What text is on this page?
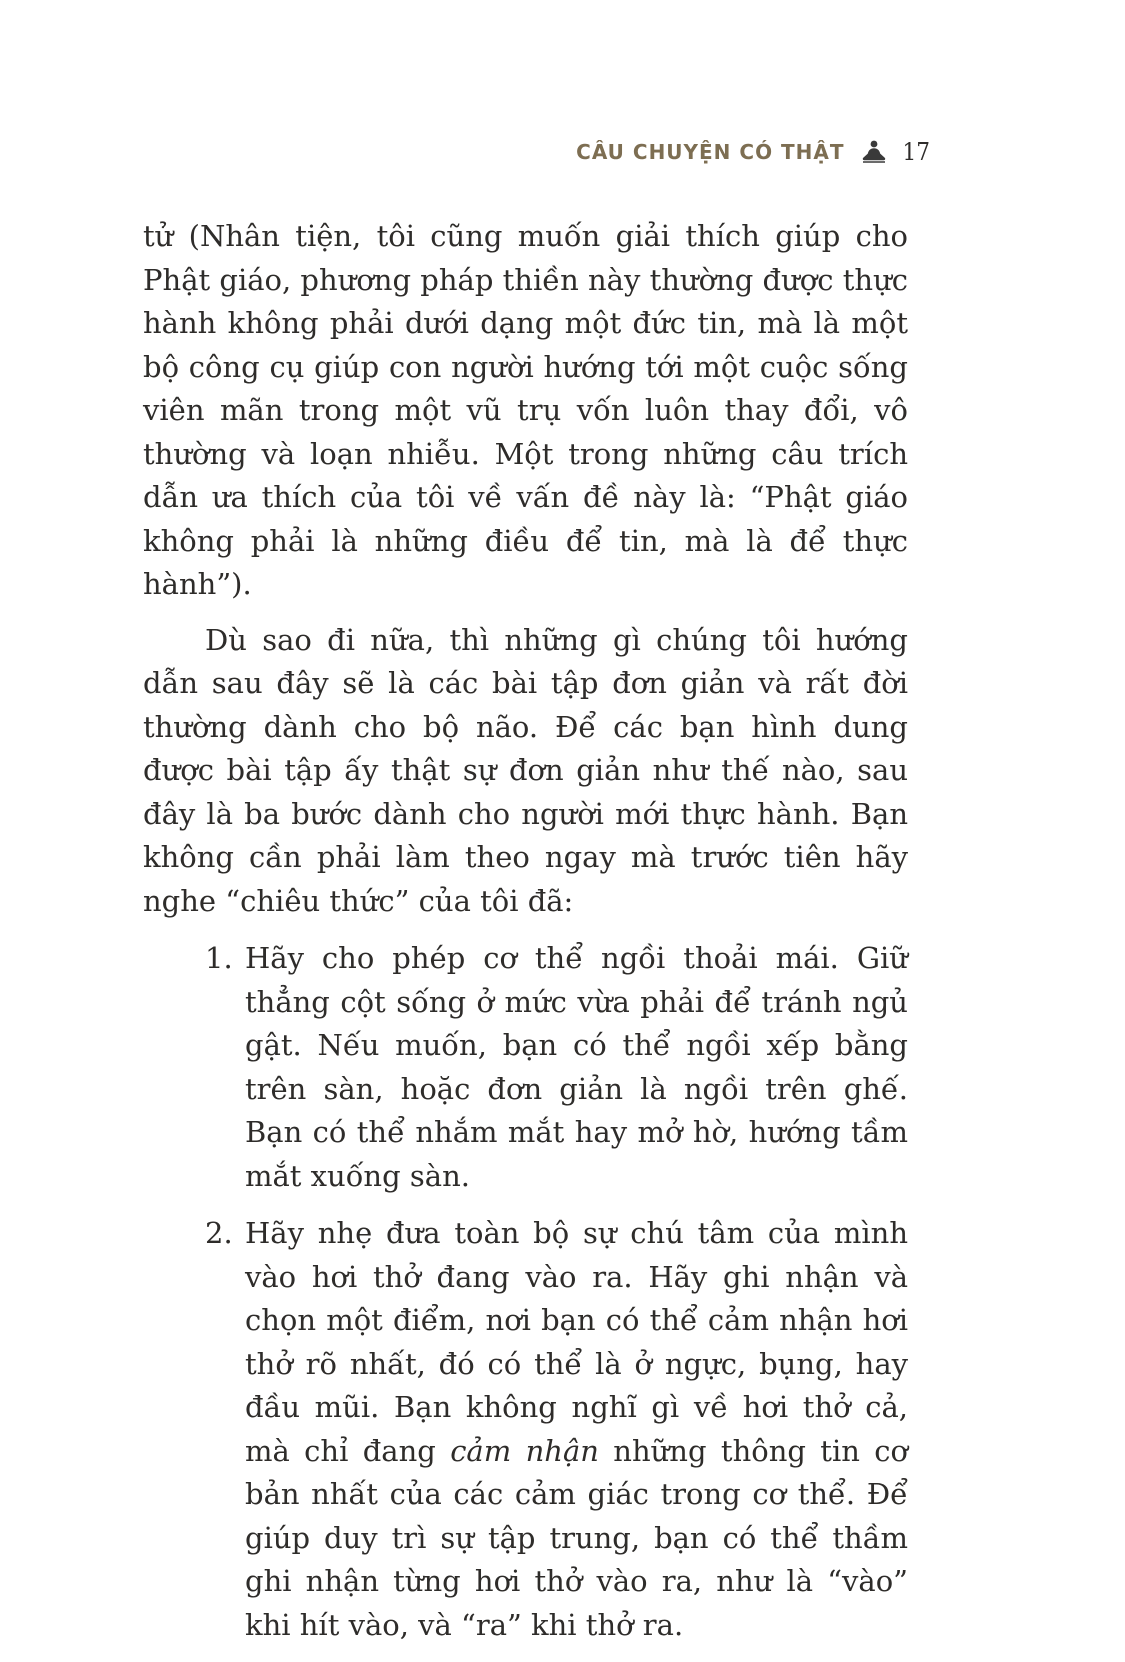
CÂU CHUYỆN CÓ THẬT 17

tử (Nhân tiện, tôi cũng muốn giải thích giúp cho Phật giáo, phương pháp thiền này thường được thực hành không phải dưới dạng một đức tin, mà là một bộ công cụ giúp con người hướng tới một cuộc sống viên mãn trong một vũ trụ vốn luôn thay đổi, vô thường và loạn nhiễu. Một trong những câu trích dẫn ưa thích của tôi về vấn đề này là: “Phật giáo không phải là những điều để tin, mà là để thực hành”).

Dù sao đi nữa, thì những gì chúng tôi hướng dẫn sau đây sẽ là các bài tập đơn giản và rất đời thường dành cho bộ não. Để các bạn hình dung được bài tập ấy thật sự đơn giản như thế nào, sau đây là ba bước dành cho người mới thực hành. Bạn không cần phải làm theo ngay mà trước tiên hãy nghe “chiêu thức” của tôi đã:

1. Hãy cho phép cơ thể ngồi thoải mái. Giữ thẳng cột sống ở mức vừa phải để tránh ngủ gật. Nếu muốn, bạn có thể ngồi xếp bằng trên sàn, hoặc đơn giản là ngồi trên ghế. Bạn có thể nhắm mắt hay mở hờ, hướng tầm mắt xuống sàn.
2. Hãy nhẹ đưa toàn bộ sự chú tâm của mình vào hơi thở đang vào ra. Hãy ghi nhận và chọn một điểm, nơi bạn có thể cảm nhận hơi thở rõ nhất, đó có thể là ở ngực, bụng, hay đầu mũi. Bạn không nghĩ gì về hơi thở cả, mà chỉ đang cảm nhận những thông tin cơ bản nhất của các cảm giác trong cơ thể. Để giúp duy trì sự tập trung, bạn có thể thầm ghi nhận từng hơi thở vào ra, như là “vào” khi hít vào, và “ra” khi thở ra.
